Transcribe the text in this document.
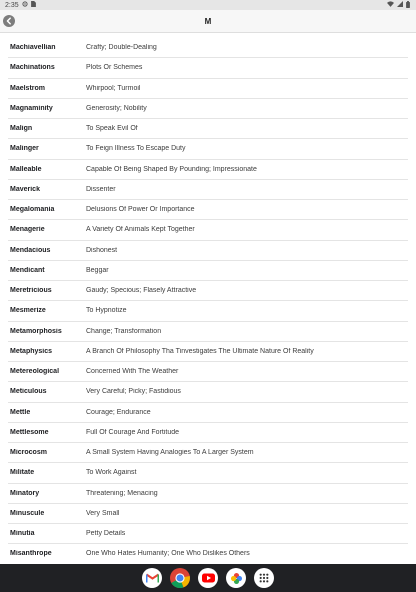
2:35
M
Machiavellian	Crafty; Double-Dealing
Machinations	Plots Or Schemes
Maelstrom	Whirpool; Turmoil
Magnaminity	Generosity; Nobility
Malign	To Speak Evil Of
Malinger	To Feign Illness To Escape Duty
Malleable	Capable Of Being Shaped By Pounding; Impressionate
Maverick	Dissenter
Megalomania	Delusions Of Power Or Importance
Menagerie	A Variety Of Animals Kept Together
Mendacious	Dishonest
Mendicant	Beggar
Meretricious	Gaudy; Specious; Flasely Attractive
Mesmerize	To Hypnotize
Metamorphosis	Change; Transformation
Metaphysics	A Branch Of Philosophy Tha Tinvestigates The Ultimate Nature Of Reality
Metereological	Concerned With The Weather
Meticulous	Very Careful; Picky; Fastidious
Mettle	Courage; Endurance
Mettlesome	Full Of Courage And Fortitude
Microcosm	A Small System Having Analogies To A Larger System
Militate	To Work Against
Minatory	Threatening; Menacing
Minuscule	Very Small
Minutia	Petty Details
Misanthrope	One Who Hates Humanity; One Who Dislikes Others
